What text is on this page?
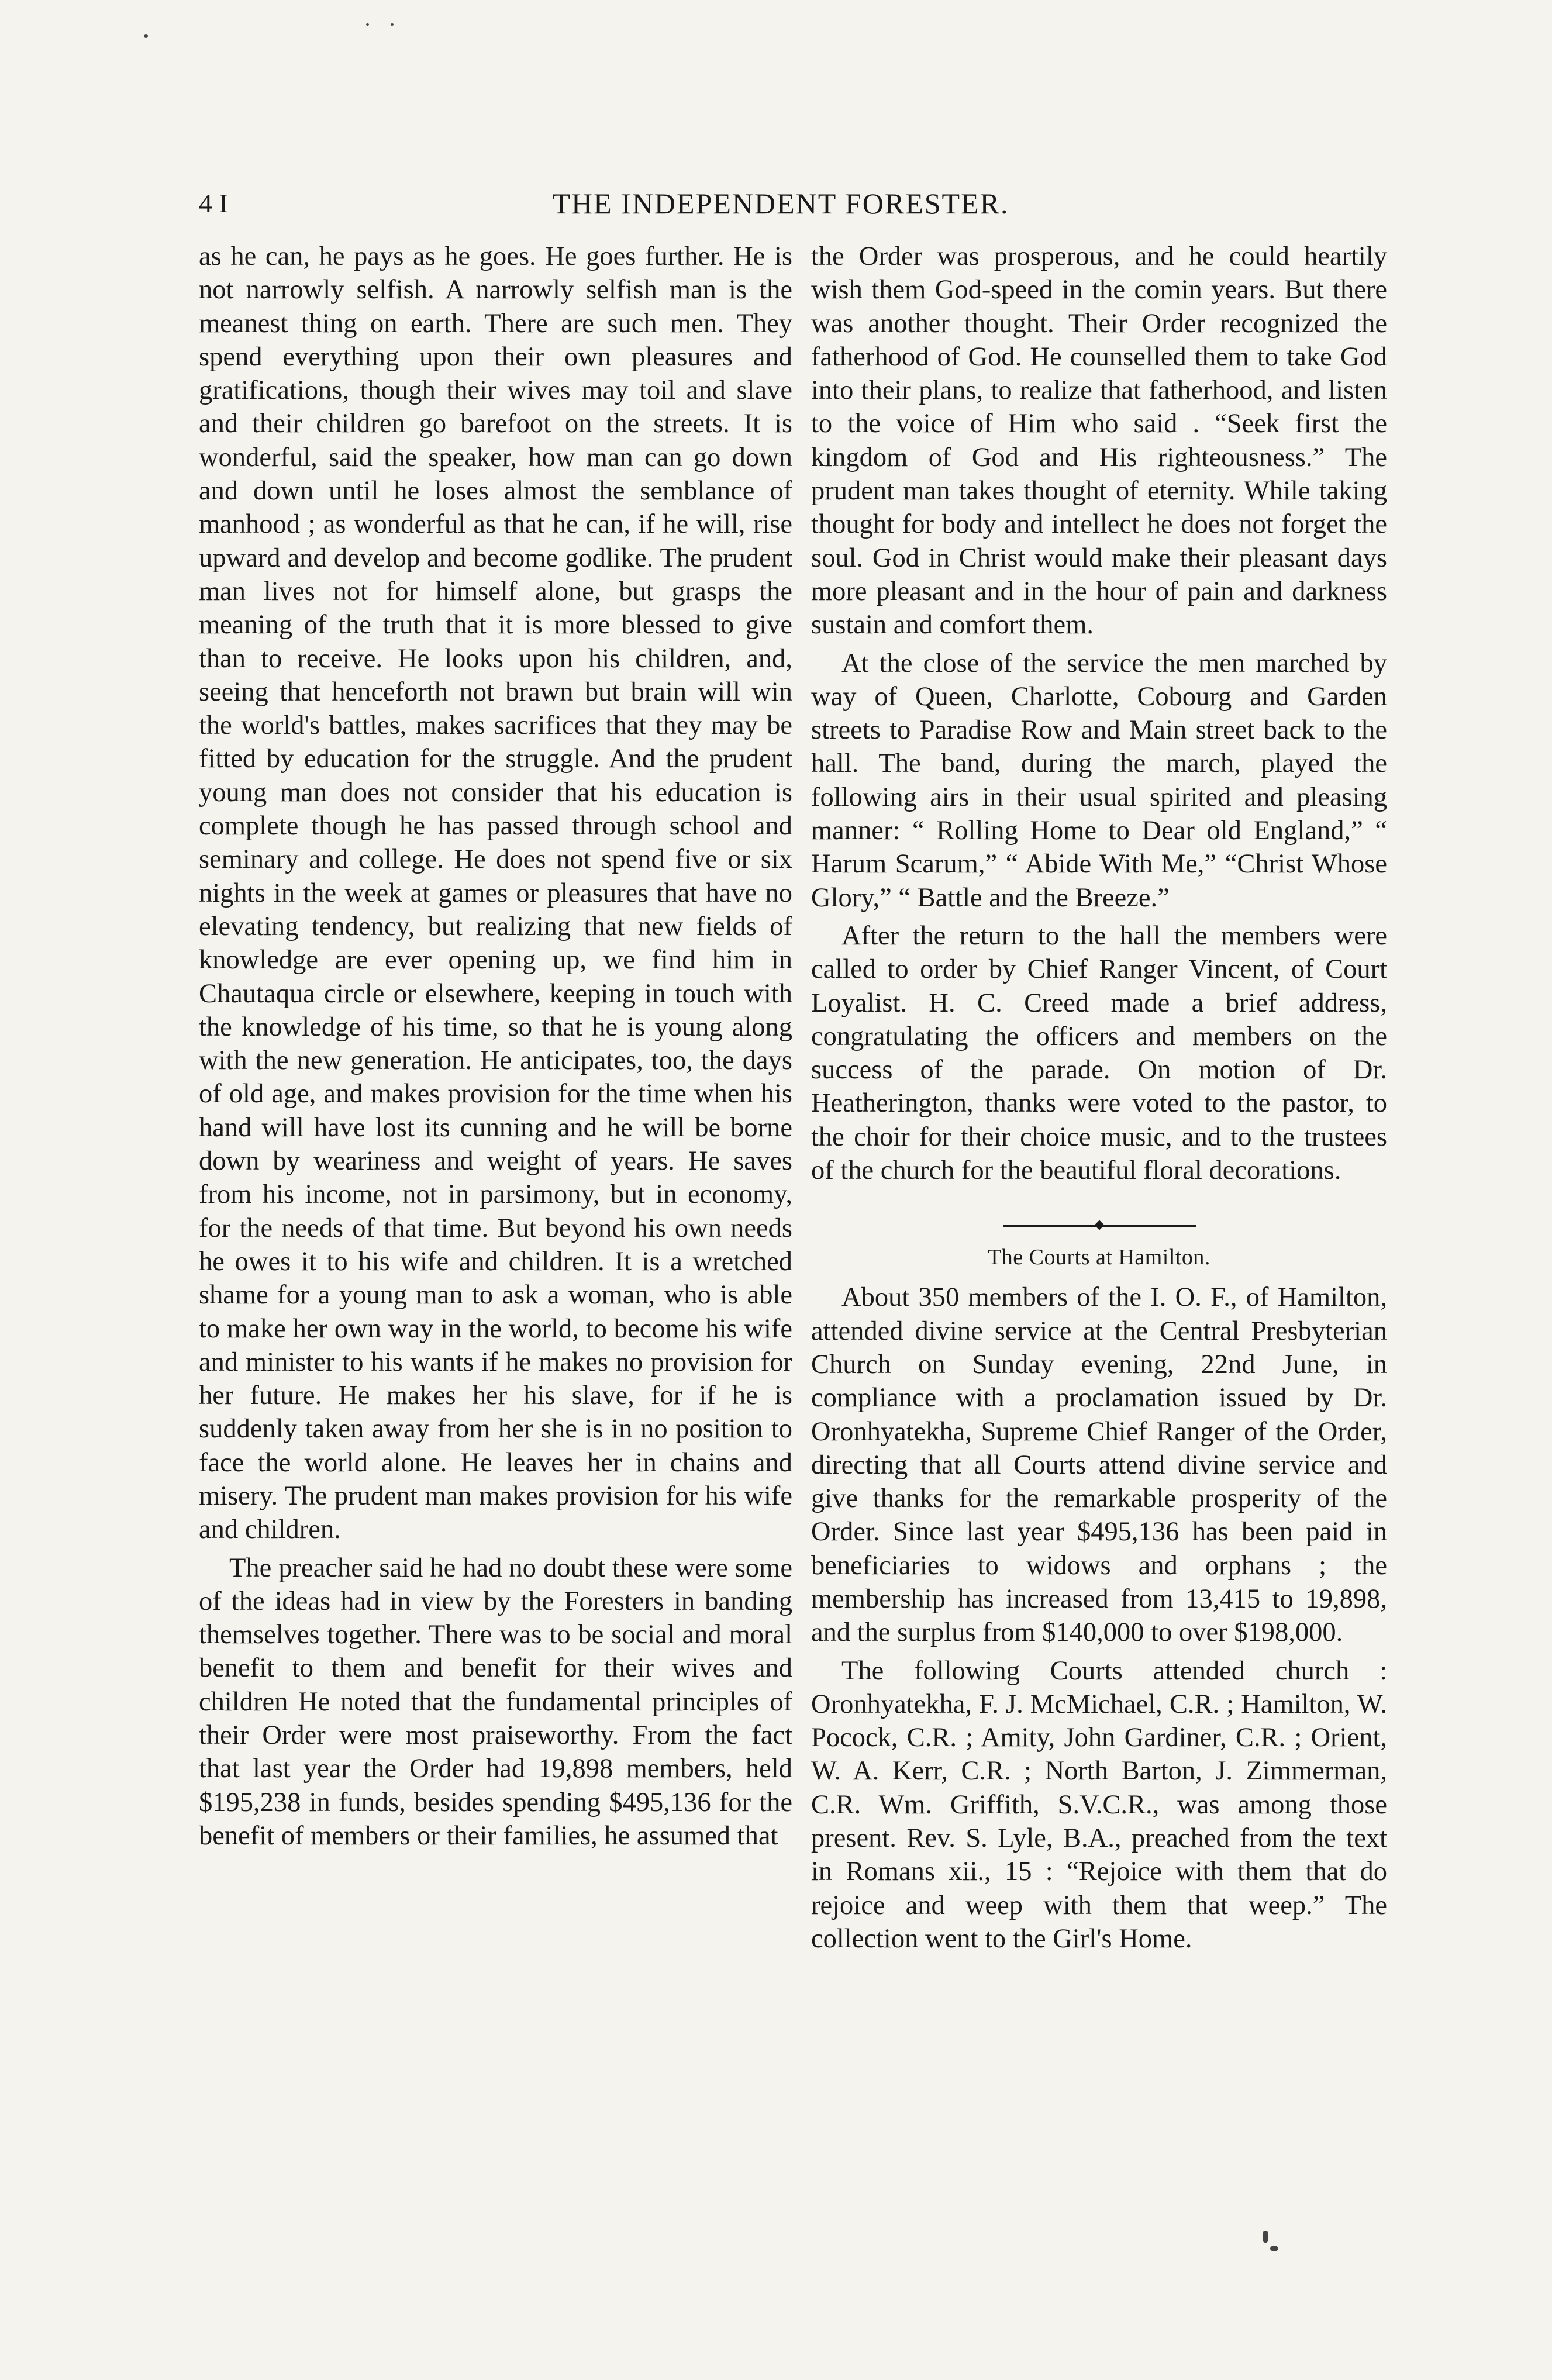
4 I	THE INDEPENDENT FORESTER.

as he can, he pays as he goes. He goes further. He is not narrowly selfish. A narrowly selfish man is the meanest thing on earth. There are such men. They spend everything upon their own pleasures and gratifications, though their wives may toil and slave and their children go barefoot on the streets. It is wonderful, said the speaker, how man can go down and down until he loses almost the semblance of manhood ; as wonderful as that he can, if he will, rise upward and develop and become godlike. The prudent man lives not for himself alone, but grasps the meaning of the truth that it is more blessed to give than to receive. He looks upon his children, and, seeing that henceforth not brawn but brain will win the world's battles, makes sacrifices that they may be fitted by education for the struggle. And the prudent young man does not consider that his education is complete though he has passed through school and seminary and college. He does not spend five or six nights in the week at games or pleasures that have no elevating tendency, but realizing that new fields of knowledge are ever opening up, we find him in Chautaqua circle or elsewhere, keeping in touch with the knowledge of his time, so that he is young along with the new generation. He anticipates, too, the days of old age, and makes provision for the time when his hand will have lost its cunning and he will be borne down by weariness and weight of years. He saves from his income, not in parsimony, but in economy, for the needs of that time. But beyond his own needs he owes it to his wife and children. It is a wretched shame for a young man to ask a woman, who is able to make her own way in the world, to become his wife and minister to his wants if he makes no provision for her future. He makes her his slave, for if he is suddenly taken away from her she is in no position to face the world alone. He leaves her in chains and misery. The prudent man makes provision for his wife and children.

The preacher said he had no doubt these were some of the ideas had in view by the Foresters in banding themselves together. There was to be social and moral benefit to them and benefit for their wives and children He noted that the fundamental principles of their Order were most praiseworthy. From the fact that last year the Order had 19,898 members, held $195,238 in funds, besides spending $495,136 for the benefit of members or their families, he assumed that

the Order was prosperous, and he could heartily wish them God-speed in the comin years. But there was another thought. Their Order recognized the fatherhood of God. He counselled them to take God into their plans, to realize that fatherhood, and listen to the voice of Him who said . “Seek first the kingdom of God and His righteousness.” The prudent man takes thought of eternity. While taking thought for body and intellect he does not forget the soul. God in Christ would make their pleasant days more pleasant and in the hour of pain and darkness sustain and comfort them.

At the close of the service the men marched by way of Queen, Charlotte, Cobourg and Garden streets to Paradise Row and Main street back to the hall. The band, during the march, played the following airs in their usual spirited and pleasing manner: “ Rolling Home to Dear old England,” “ Harum Scarum,” “ Abide With Me,” “Christ Whose Glory,” “ Battle and the Breeze.”

After the return to the hall the members were called to order by Chief Ranger Vincent, of Court Loyalist. H. C. Creed made a brief address, congratulating the officers and members on the success of the parade. On motion of Dr. Heatherington, thanks were voted to the pastor, to the choir for their choice music, and to the trustees of the church for the beautiful floral decorations.

The Courts at Hamilton.

About 350 members of the I. O. F., of Hamilton, attended divine service at the Central Presbyterian Church on Sunday evening, 22nd June, in compliance with a proclamation issued by Dr. Oronhyatekha, Supreme Chief Ranger of the Order, directing that all Courts attend divine service and give thanks for the remarkable prosperity of the Order. Since last year $495,136 has been paid in beneficiaries to widows and orphans ; the membership has increased from 13,415 to 19,898, and the surplus from $140,000 to over $198,000.

The following Courts attended church : Oronhyatekha, F. J. McMichael, C.R. ; Hamilton, W. Pocock, C.R. ; Amity, John Gardiner, C.R. ; Orient, W. A. Kerr, C.R. ; North Barton, J. Zimmerman, C.R. Wm. Griffith, S.V.C.R., was among those present. Rev. S. Lyle, B.A., preached from the text in Romans xii., 15 : “Rejoice with them that do rejoice and weep with them that weep.” The collection went to the Girl's Home.
